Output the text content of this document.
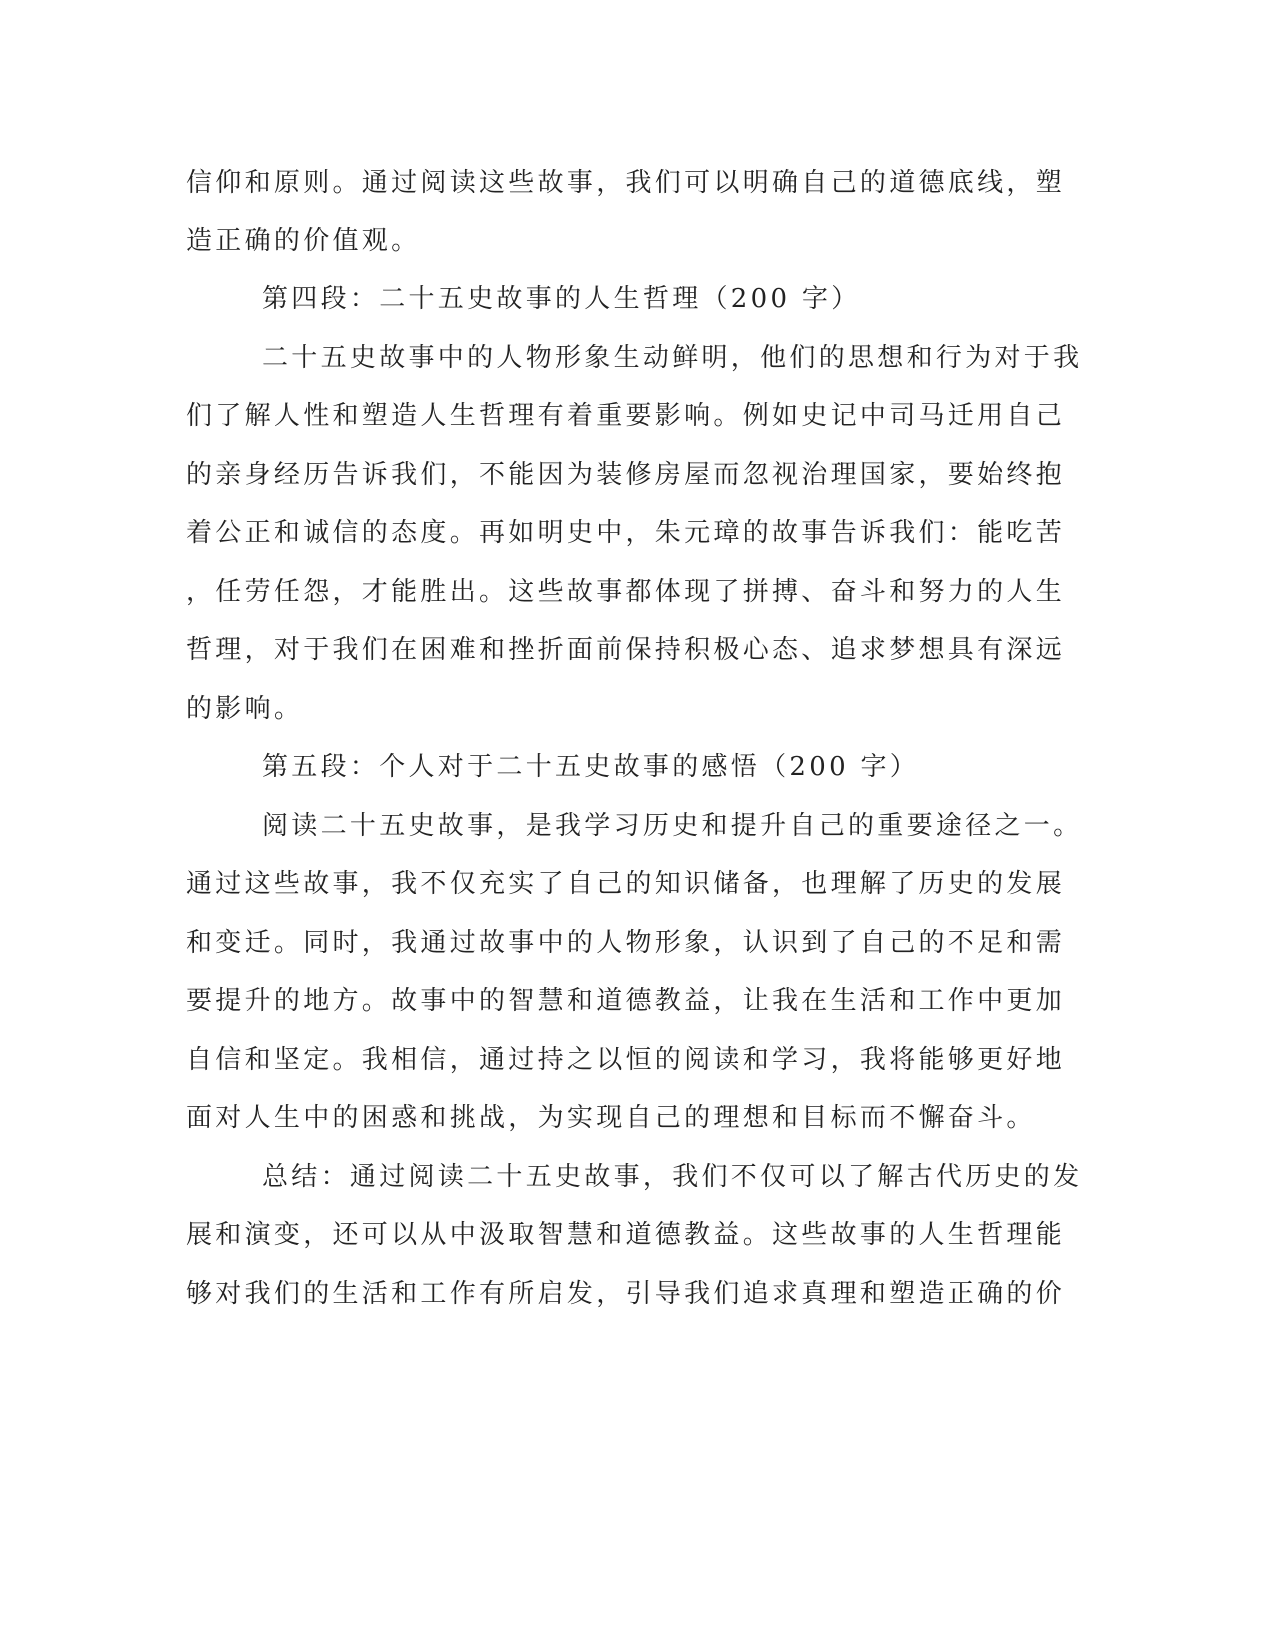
信仰和原则。通过阅读这些故事，我们可以明确自己的道德底线，塑
造正确的价值观。
第四段：二十五史故事的人生哲理（200 字）
二十五史故事中的人物形象生动鲜明，他们的思想和行为对于我
们了解人性和塑造人生哲理有着重要影响。例如史记中司马迁用自己
的亲身经历告诉我们，不能因为装修房屋而忽视治理国家，要始终抱
着公正和诚信的态度。再如明史中，朱元璋的故事告诉我们：能吃苦
，任劳任怨，才能胜出。这些故事都体现了拼搏、奋斗和努力的人生
哲理，对于我们在困难和挫折面前保持积极心态、追求梦想具有深远
的影响。
第五段：个人对于二十五史故事的感悟（200 字）
阅读二十五史故事，是我学习历史和提升自己的重要途径之一。
通过这些故事，我不仅充实了自己的知识储备，也理解了历史的发展
和变迁。同时，我通过故事中的人物形象，认识到了自己的不足和需
要提升的地方。故事中的智慧和道德教益，让我在生活和工作中更加
自信和坚定。我相信，通过持之以恒的阅读和学习，我将能够更好地
面对人生中的困惑和挑战，为实现自己的理想和目标而不懈奋斗。
总结：通过阅读二十五史故事，我们不仅可以了解古代历史的发
展和演变，还可以从中汲取智慧和道德教益。这些故事的人生哲理能
够对我们的生活和工作有所启发，引导我们追求真理和塑造正确的价
